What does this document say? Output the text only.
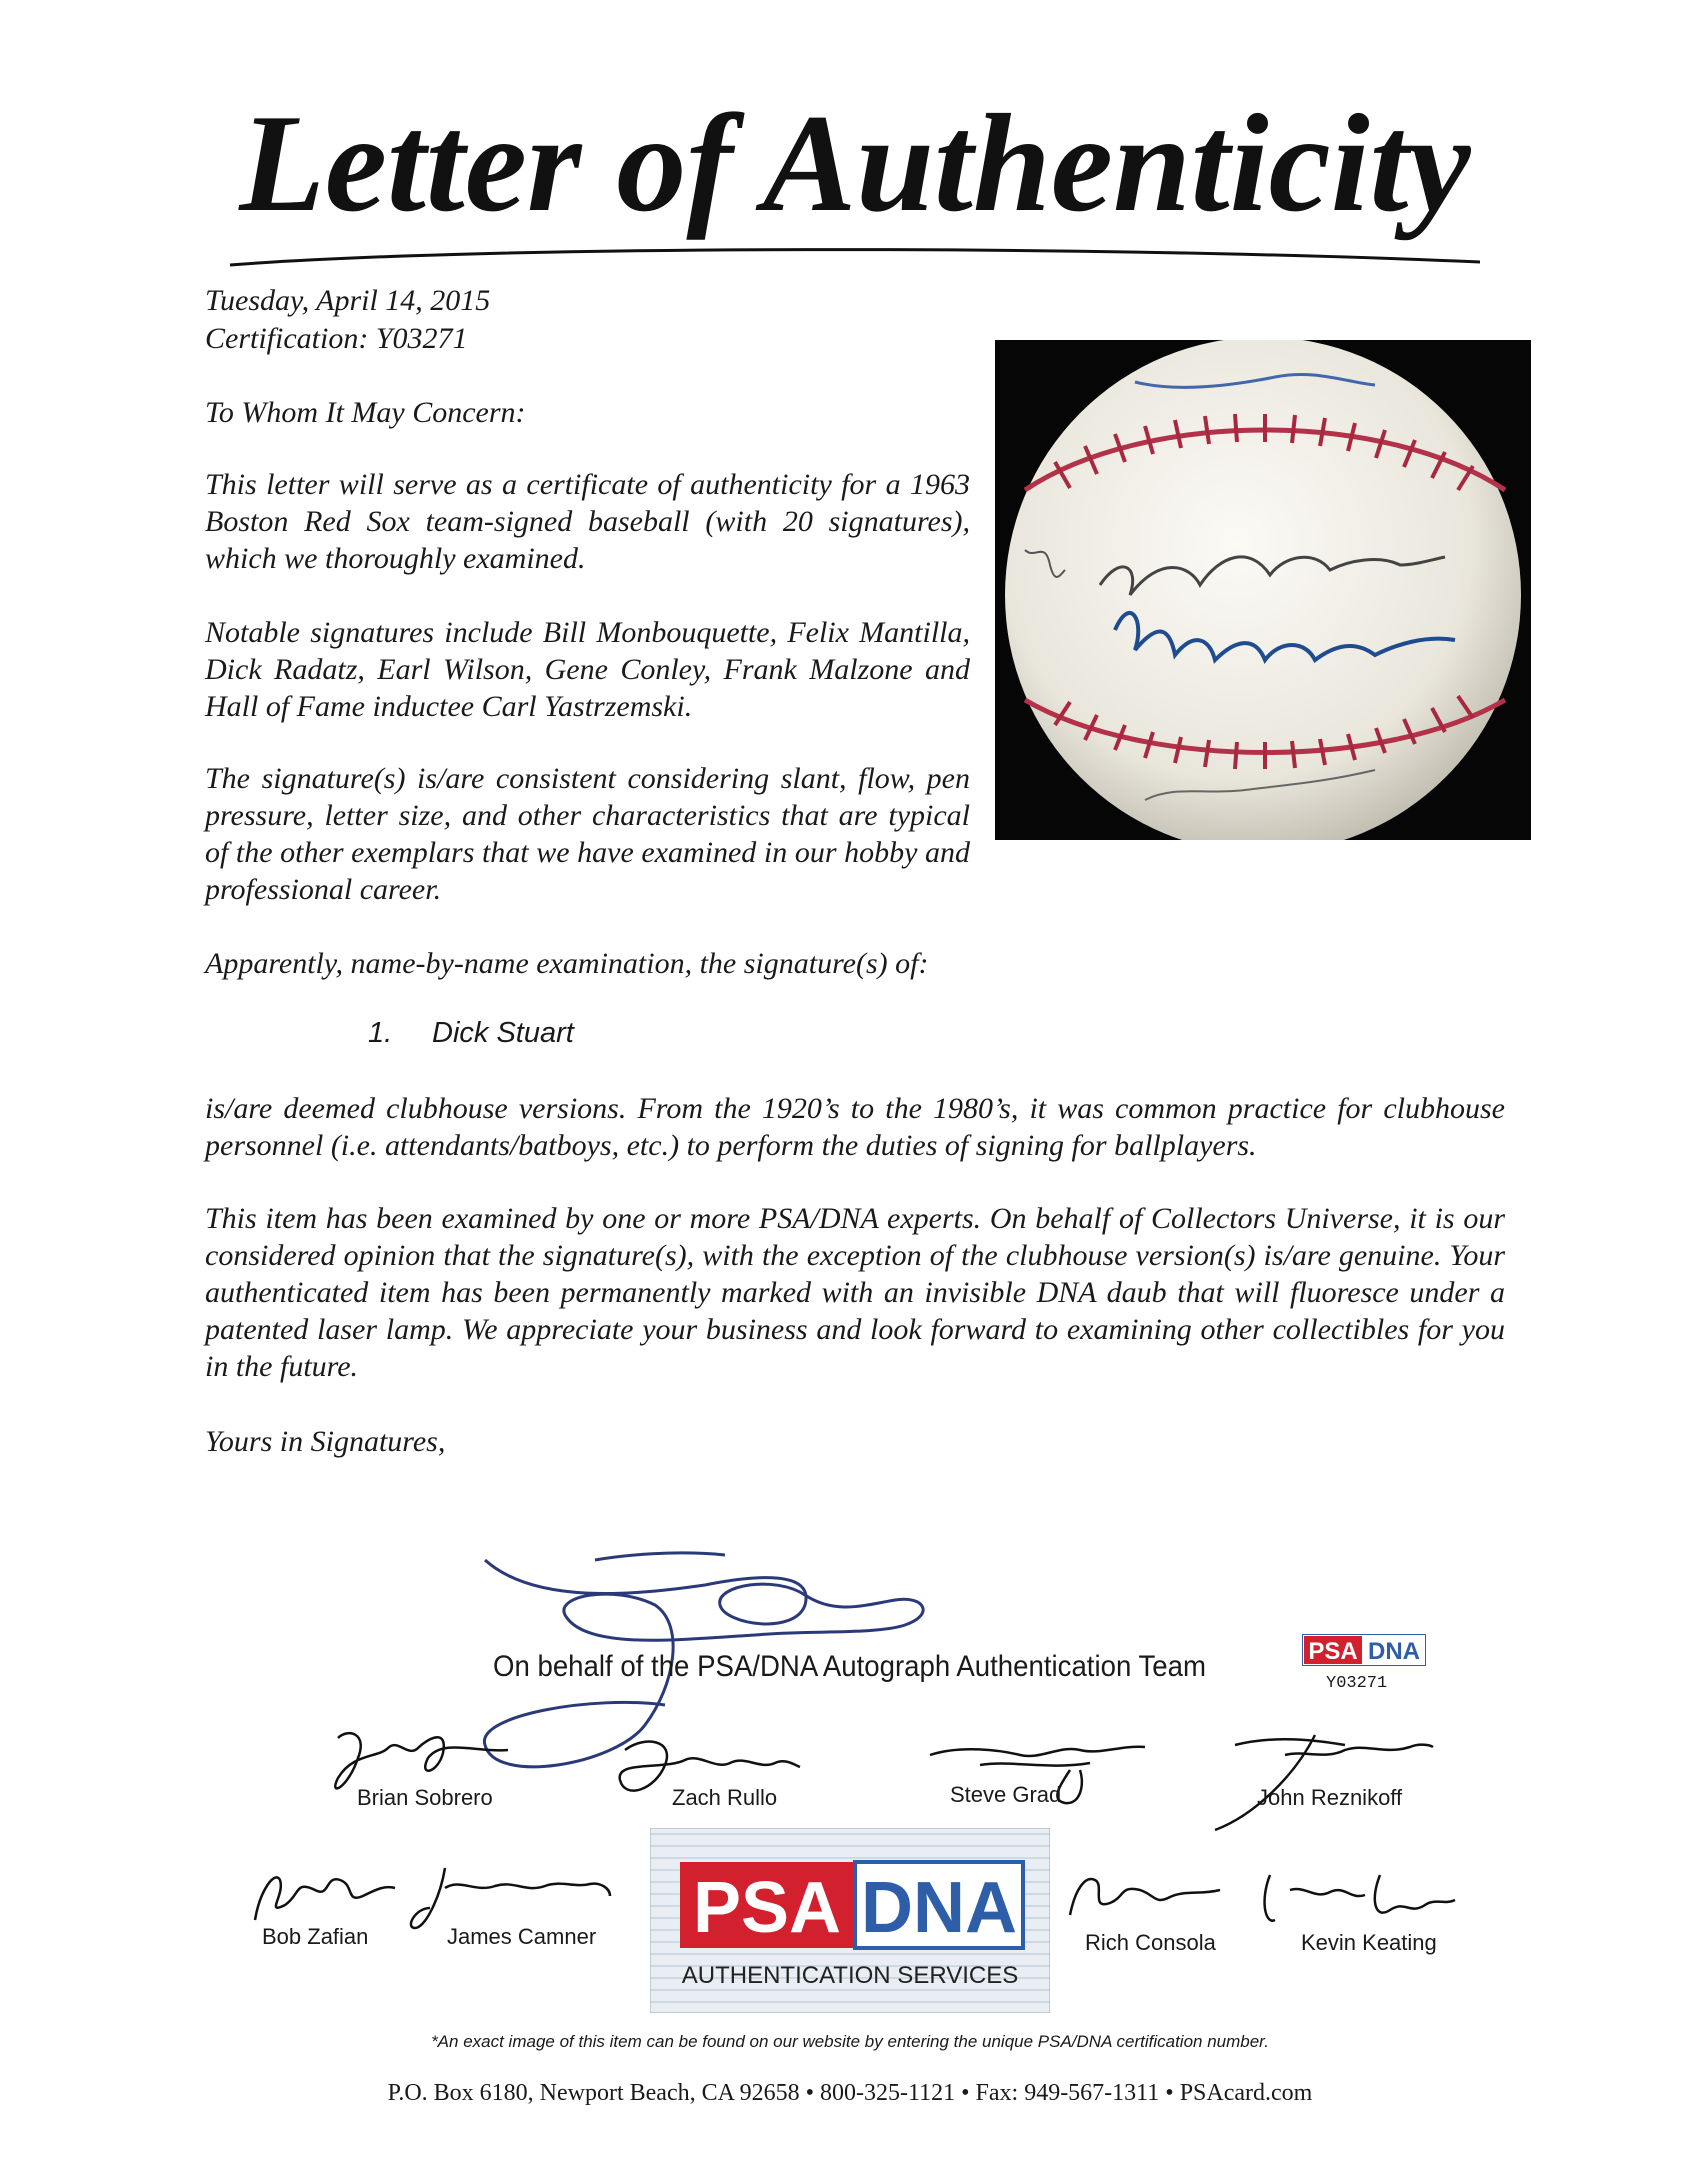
Letter of Authenticity
Tuesday, April 14, 2015
Certification: Y03271
To Whom It May Concern:
This letter will serve as a certificate of authenticity for a 1963 Boston Red Sox team-signed baseball (with 20 signatures), which we thoroughly examined.
Notable signatures include Bill Monbouquette, Felix Mantilla, Dick Radatz, Earl Wilson, Gene Conley, Frank Malzone and Hall of Fame inductee Carl Yastrzemski.
The signature(s) is/are consistent considering slant, flow, pen pressure, letter size, and other characteristics that are typical of the other exemplars that we have examined in our hobby and professional career.
Apparently, name-by-name examination, the signature(s) of:
1. Dick Stuart
is/are deemed clubhouse versions. From the 1920’s to the 1980’s, it was common practice for clubhouse personnel (i.e. attendants/batboys, etc.) to perform the duties of signing for ballplayers.
This item has been examined by one or more PSA/DNA experts. On behalf of Collectors Universe, it is our considered opinion that the signature(s), with the exception of the clubhouse version(s) is/are genuine. Your authenticated item has been permanently marked with an invisible DNA daub that will fluoresce under a patented laser lamp. We appreciate your business and look forward to examining other collectibles for you in the future.
Yours in Signatures,
On behalf of the PSA/DNA Autograph Authentication Team	PSA DNA
Y03271
Brian Sobrero	Zach Rullo	Steve Grad	John Reznikoff
Bob Zafian	James Camner	Rich Consola	Kevin Keating
PSA DNA
AUTHENTICATION SERVICES
*An exact image of this item can be found on our website by entering the unique PSA/DNA certification number.
P.O. Box 6180, Newport Beach, CA 92658 • 800-325-1121 • Fax: 949-567-1311 • PSAcard.com
